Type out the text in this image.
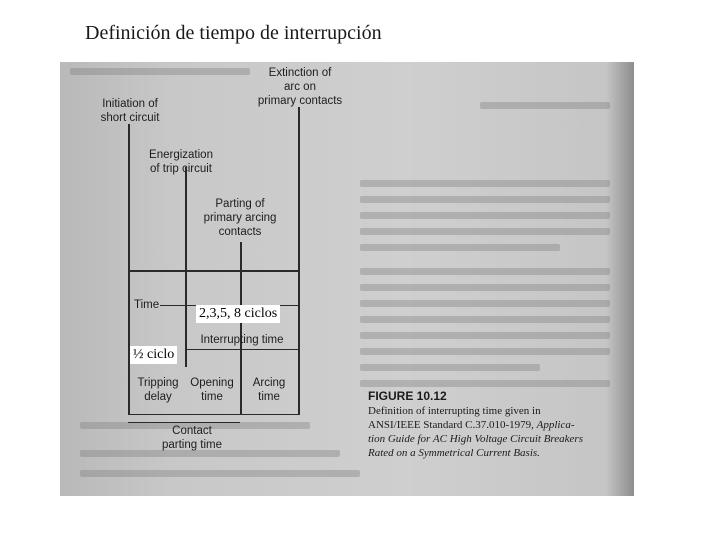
Definición de tiempo de interrupción
Extinction of
arc on
primary contacts
Initiation of
short circuit
Energization
of trip circuit
Parting of
primary arcing
contacts
Time
Interrupting time
Tripping
delay
Opening
time
Arcing
time
Contact
parting time
FIGURE 10.12
Definition of interrupting time given in
ANSI/IEEE Standard C.37.010-1979, Applica-
tion Guide for AC High Voltage Circuit Breakers
Rated on a Symmetrical Current Basis.
2,3,5, 8 ciclos
½ ciclo
